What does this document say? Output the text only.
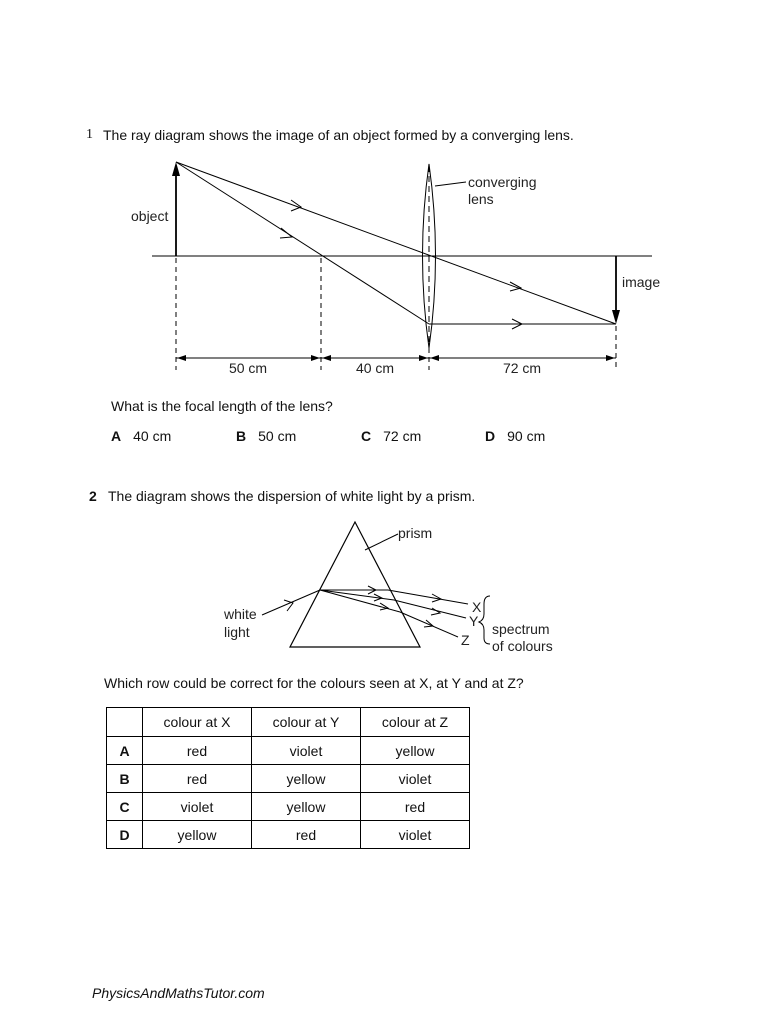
1 The ray diagram shows the image of an object formed by a converging lens.
object
converging
lens
image
50 cm	40 cm	72 cm
What is the focal length of the lens?
A 40 cm	B 50 cm	C 72 cm	D 90 cm
2 The diagram shows the dispersion of white light by a prism.
prism
white
light
X
Y
Z
spectrum
of colours
Which row could be correct for the colours seen at X, at Y and at Z?
	colour at X	colour at Y	colour at Z
A	red	violet	yellow
B	red	yellow	violet
C	violet	yellow	red
D	yellow	red	violet
PhysicsAndMathsTutor.com
